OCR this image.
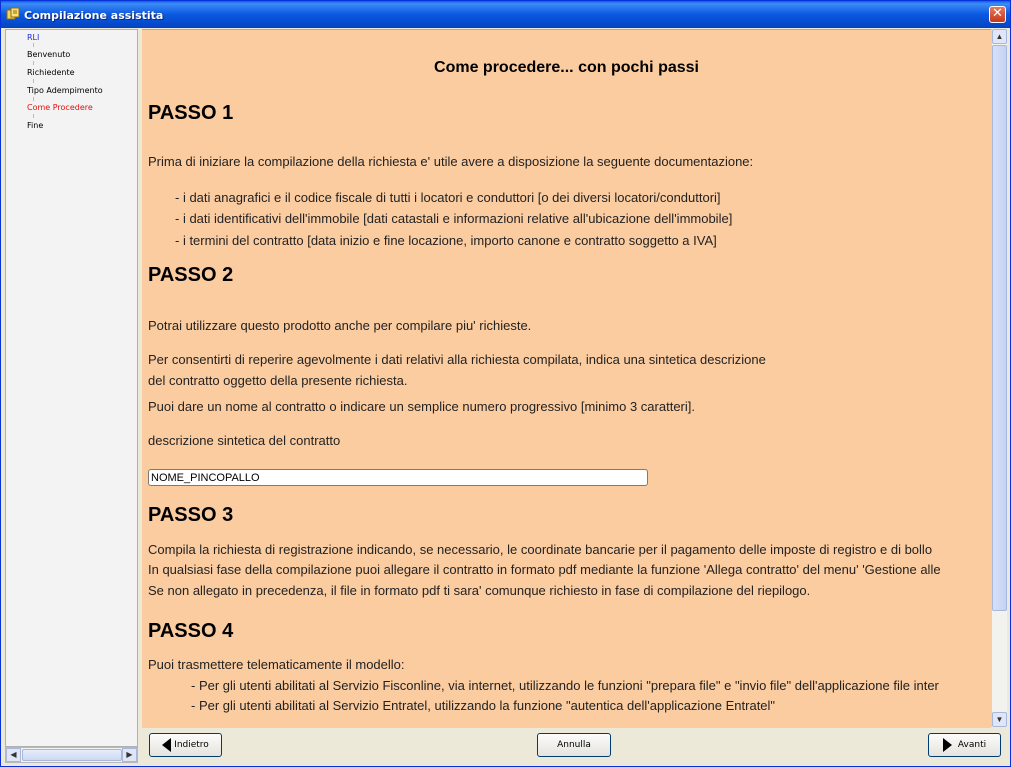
Compilazione assistita	✕
RLI
Benvenuto
Richiedente
Tipo Adempimento
Come Procedere
Fine
◀	▶
Come procedere... con pochi passi
PASSO 1
Prima di iniziare la compilazione della richiesta e' utile avere a disposizione la seguente documentazione:
- i dati anagrafici e il codice fiscale di tutti i locatori e conduttori [o dei diversi locatori/conduttori]
- i dati identificativi dell'immobile [dati catastali e informazioni relative all'ubicazione dell'immobile]
- i termini del contratto [data inizio e fine locazione, importo canone e contratto soggetto a IVA]
PASSO 2
Potrai utilizzare questo prodotto anche per compilare piu' richieste.
Per consentirti di reperire agevolmente i dati relativi alla richiesta compilata, indica una sintetica descrizione
del contratto oggetto della presente richiesta.
Puoi dare un nome al contratto o indicare un semplice numero progressivo [minimo 3 caratteri].
descrizione sintetica del contratto
NOME_PINCOPALLO
PASSO 3
Compila la richiesta di registrazione indicando, se necessario, le coordinate bancarie per il pagamento delle imposte di registro e di bollo
In qualsiasi fase della compilazione puoi allegare il contratto in formato pdf mediante la funzione 'Allega contratto' del menu' 'Gestione alle
Se non allegato in precedenza, il file in formato pdf ti sara' comunque richiesto in fase di compilazione del riepilogo.
PASSO 4
Puoi trasmettere telematicamente il modello:
- Per gli utenti abilitati al Servizio Fisconline, via internet, utilizzando le funzioni "prepara file" e "invio file" dell'applicazione file inter
- Per gli utenti abilitati al Servizio Entratel, utilizzando la funzione "autentica dell'applicazione Entratel"
▲
▼
Indietro	Annulla	Avanti
